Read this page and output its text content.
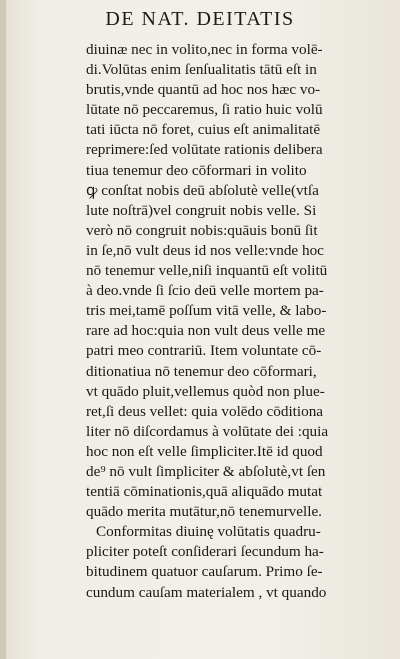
DE NAT. DEITATIS
diuinæ nec in volito,nec in forma volē-
di.Volūtas enim ſenſualitatis tātū eſt in
brutis,vnde quantū ad hoc nos hæc vo-
lūtate nō peccaremus, ſi ratio huic volū
tati iūcta nō foret, cuius eſt animalitatē
reprimere:ſed volūtate rationis delibera
tiua tenemur deo cōformari in volito
ꝙ conſtat nobis deū abſolutè velle(vtſa
lute noſtrā)vel congruit nobis velle. Si
verò nō congruit nobis:quāuis bonū ſit
in ſe,nō vult deus id nos velle:vnde hoc
nō tenemur velle,niſi inquantū eſt volitū
à deo.vnde ſi ſcio deū velle mortem pa-
tris mei,tamē poſſum vitā velle, & labo-
rare ad hoc:quia non vult deus velle me
patri meo contrariū. Item voluntate cō-
ditionatiua nō tenemur deo cōformari,
vt quādo pluit,vellemus quòd non plue-
ret,ſi deus vellet: quia volēdo cōditiona
liter nō diſcordamus à volūtate dei :quia
hoc non eſt velle ſimpliciter.Itē id quod
de⁹ nō vult ſimpliciter & abſolutè,vt ſen
tentiā cōminationis,quā aliquādo mutat
quādo merita mutātur,nō tenemurvelle.
Conformitas diuinę volūtatis quadru-
pliciter poteſt conſiderari ſecundum ha-
bitudinem quatuor cauſarum. Primo ſe-
cundum cauſam materialem , vt quando
